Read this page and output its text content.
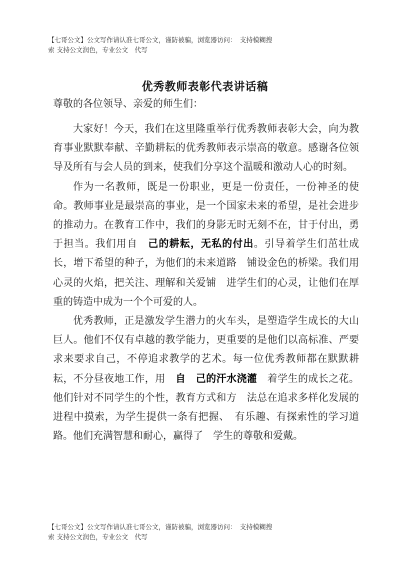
【七哥公文】公文写作请认准七哥公文，谨防被骗，浏览器访问：　支持模糊搜
索 支持公文润色，专业公文　代写
优秀教师表彰代表讲话稿
尊敬的各位领导、亲爱的师生们：

大家好！今天，我们在这里隆重举行优秀教师表彰大会，向为教育事业默默奉献、辛勤耕耘的优秀教师表示崇高的敬意。感谢各位领导及所有与会人员的到来，使我们分享这个温暖和激动人心的时刻。

作为一名教师，既是一份职业，更是一份责任，一份神圣的使命。教师事业是最崇高的事业，是一个国家未来的希望，是社会进步的推动力。在教育工作中，我们的身影无时无刻不在，甘于付出，勇于担当。我们用自　己的耕耘，无私的付出。引导着学生们茁壮成长，增下希望的种子，为他们的未来道路　铺设金色的桥梁。我们用心灵的火焰，把关注、理解和关爱铺　进学生们的心灵，让他们在厚重的铸造中成为一个个可爱的人。

优秀教师，正是激发学生潜力的火车头，是塑造学生成长的大山巨人。他们不仅有卓越的教学能力，更重要的是他们以高标准、严要求来要求自己，不停追求教学的艺术。每一位优秀教师都在默默耕耘，不分昼夜地工作，用　自　己的汗水浇灌　着学生的成长之花。他们针对不同学生的个性，教育方式和方　法总在追求多样化发展的进程中摸索，为学生提供一条有把握、　有乐趣、有探索性的学习道路。他们充满智慧和耐心，赢得了　学生的尊敬和爱戴。

【七哥公文】公文写作请认准七哥公文，谨防被骗，浏览器访问：　支持模糊搜
索 支持公文润色，专业公文　代写
